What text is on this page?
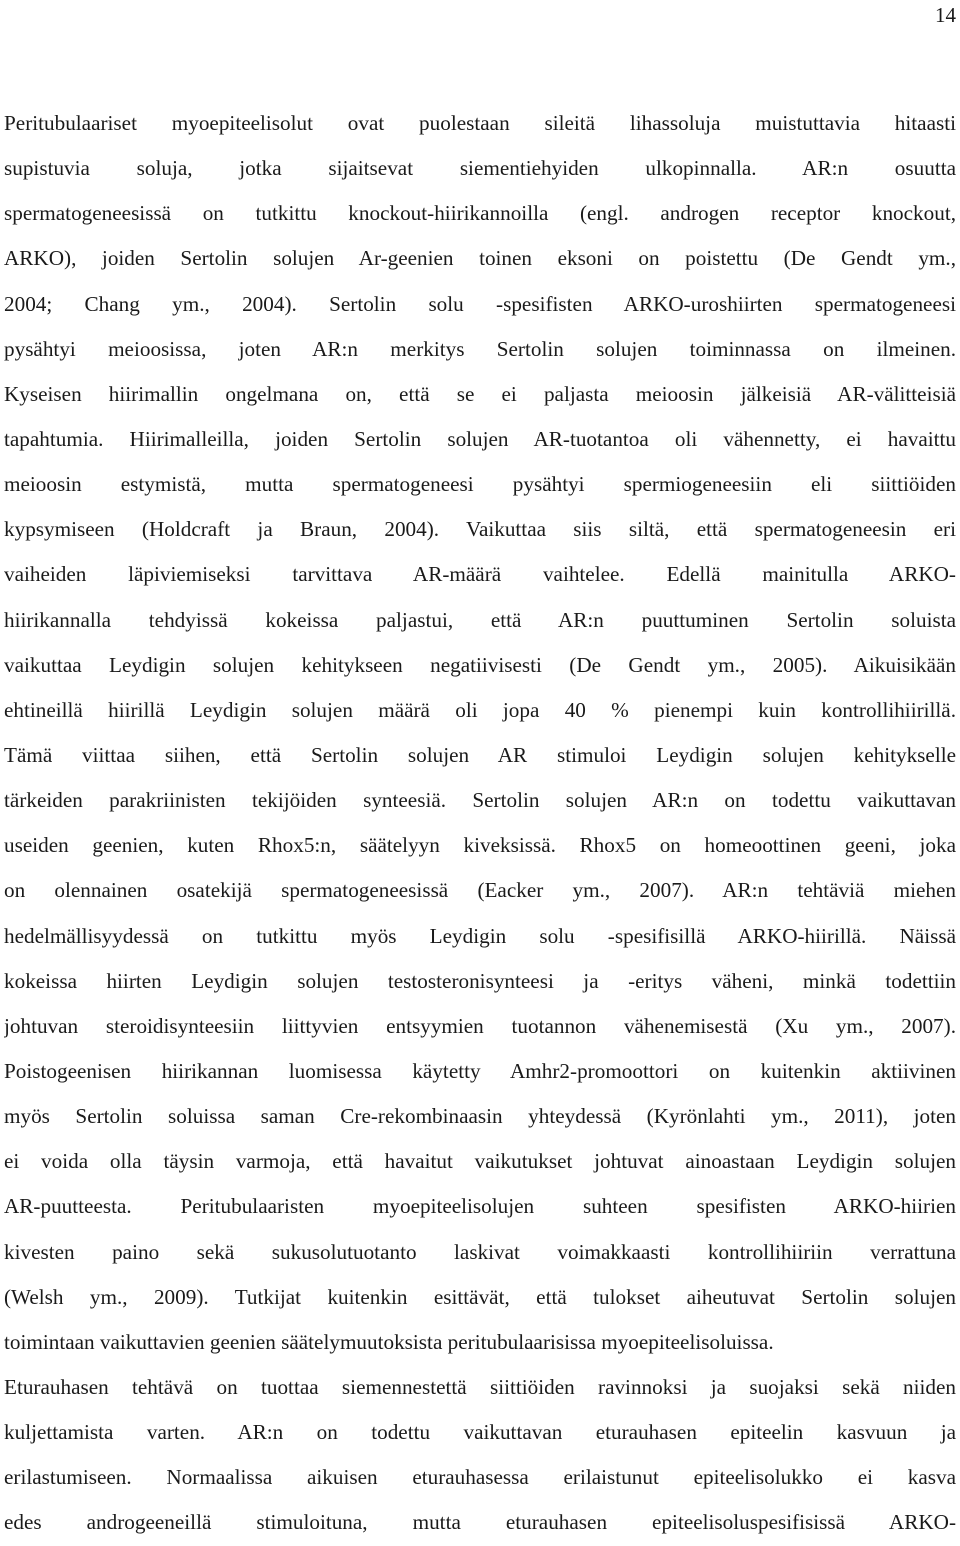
14
Peritubulaariset myoepiteelisolut ovat puolestaan sileitä lihassoluja muistuttavia hitaasti
supistuvia soluja, jotka sijaitsevat siementiehyiden ulkopinnalla. AR:n osuutta
spermatogeneesissä on tutkittu knockout-hiirikannoilla (engl. androgen receptor knockout,
ARKO), joiden Sertolin solujen Ar-geenien toinen eksoni on poistettu (De Gendt ym.,
2004; Chang ym., 2004). Sertolin solu -spesifisten ARKO-uroshiirten spermatogeneesi
pysähtyi meioosissa, joten AR:n merkitys Sertolin solujen toiminnassa on ilmeinen.
Kyseisen hiirimallin ongelmana on, että se ei paljasta meioosin jälkeisiä AR-välitteisiä
tapahtumia. Hiirimalleilla, joiden Sertolin solujen AR-tuotantoa oli vähennetty, ei havaittu
meioosin estymistä, mutta spermatogeneesi pysähtyi spermiogeneesiin eli siittiöiden
kypsymiseen (Holdcraft ja Braun, 2004). Vaikuttaa siis siltä, että spermatogeneesin eri
vaiheiden läpiviemiseksi tarvittava AR-määrä vaihtelee. Edellä mainitulla ARKO-
hiirikannalla tehdyissä kokeissa paljastui, että AR:n puuttuminen Sertolin soluista
vaikuttaa Leydigin solujen kehitykseen negatiivisesti (De Gendt ym., 2005). Aikuisikään
ehtineillä hiirillä Leydigin solujen määrä oli jopa 40 % pienempi kuin kontrollihiirillä.
Tämä viittaa siihen, että Sertolin solujen AR stimuloi Leydigin solujen kehitykselle
tärkeiden parakriinisten tekijöiden synteesiä. Sertolin solujen AR:n on todettu vaikuttavan
useiden geenien, kuten Rhox5:n, säätelyyn kiveksissä. Rhox5 on homeoottinen geeni, joka
on olennainen osatekijä spermatogeneesissä (Eacker ym., 2007). AR:n tehtäviä miehen
hedelmällisyydessä on tutkittu myös Leydigin solu -spesifisillä ARKO-hiirillä. Näissä
kokeissa hiirten Leydigin solujen testosteronisynteesi ja -eritys väheni, minkä todettiin
johtuvan steroidisynteesiin liittyvien entsyymien tuotannon vähenemisestä (Xu ym., 2007).
Poistogeenisen hiirikannan luomisessa käytetty Amhr2-promoottori on kuitenkin aktiivinen
myös Sertolin soluissa saman Cre-rekombinaasin yhteydessä (Kyrönlahti ym., 2011), joten
ei voida olla täysin varmoja, että havaitut vaikutukset johtuvat ainoastaan Leydigin solujen
AR-puutteesta. Peritubulaaristen myoepiteelisolujen suhteen spesifisten ARKO-hiirien
kivesten paino sekä sukusolutuotanto laskivat voimakkaasti kontrollihiiriin verrattuna
(Welsh ym., 2009). Tutkijat kuitenkin esittävät, että tulokset aiheutuvat Sertolin solujen
toimintaan vaikuttavien geenien säätelymuutoksista peritubulaarisissa myoepiteelisoluissa.
Eturauhasen tehtävä on tuottaa siemennestettä siittiöiden ravinnoksi ja suojaksi sekä niiden
kuljettamista varten. AR:n on todettu vaikuttavan eturauhasen epiteelin kasvuun ja
erilastumiseen. Normaalissa aikuisen eturauhasessa erilaistunut epiteelisolukko ei kasva
edes androgeeneillä stimuloituna, mutta eturauhasen epiteelisoluspesifisissä ARKO-
